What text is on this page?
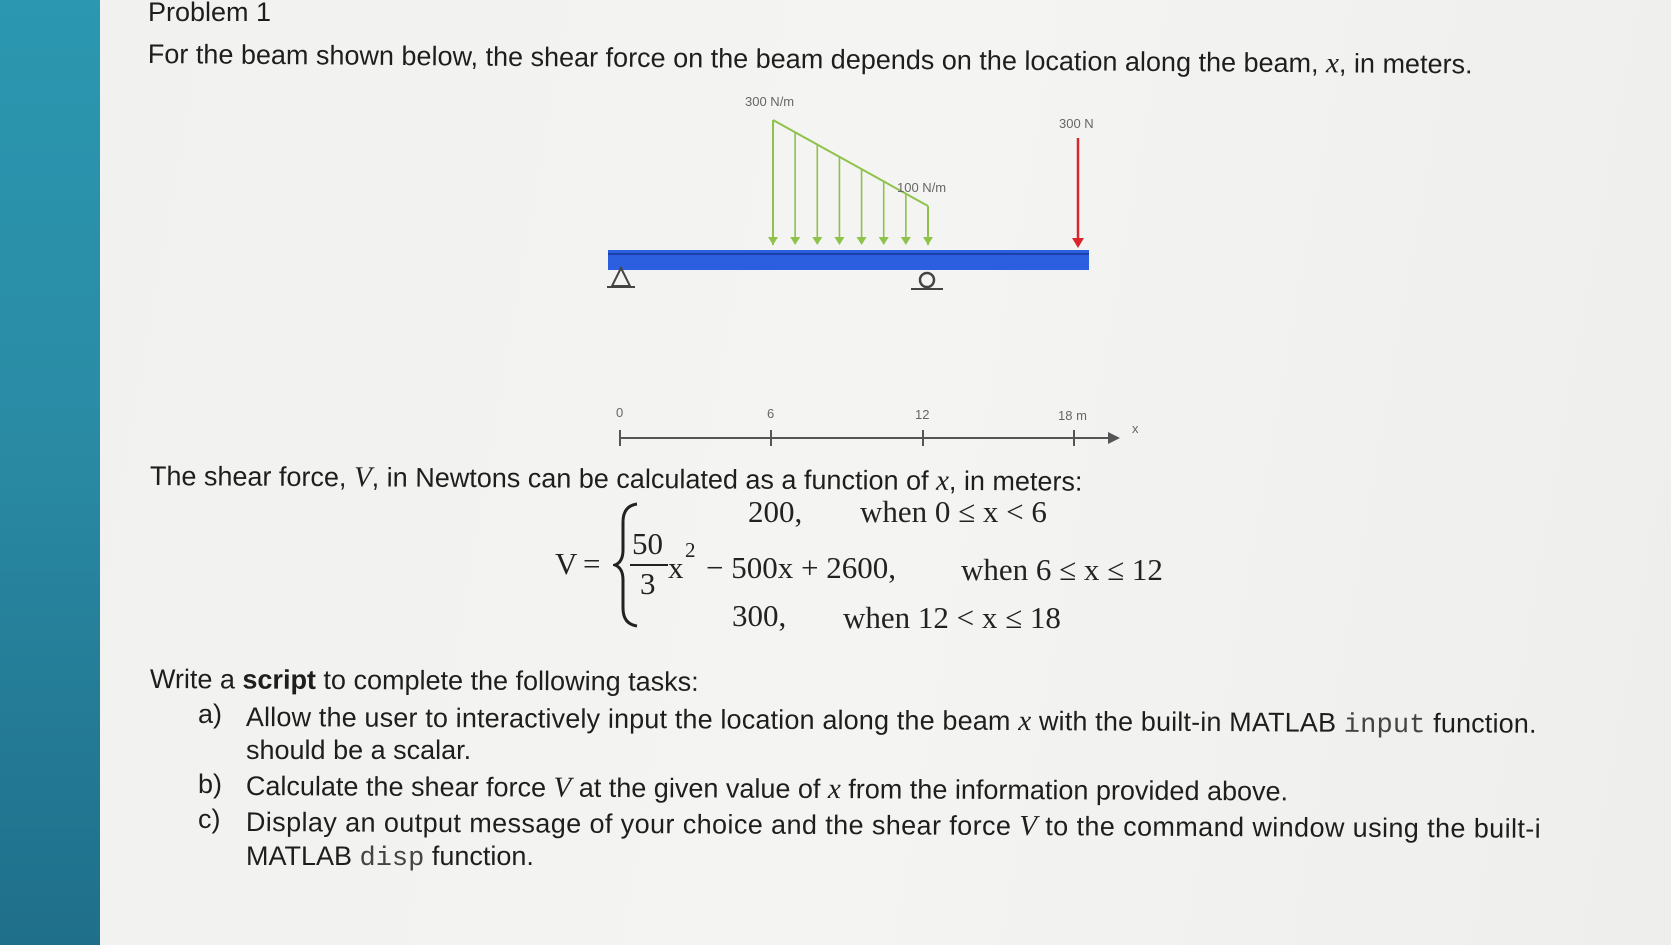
Problem 1
For the beam shown below, the shear force on the beam depends on the location along the beam, x, in meters.
300 N/m
100 N/m
300 N
0	6	12	18 m
x
The shear force, V, in Newtons can be calculated as a function of x, in meters:
V =
200, when 0 ≤ x < 6
50
3 x 2 − 500x + 2600, when 6 ≤ x ≤ 12
300, when 12 < x ≤ 18
Write a script to complete the following tasks:
a) Allow the user to interactively input the location along the beam x with the built-in MATLAB input function.
should be a scalar.
b) Calculate the shear force V at the given value of x from the information provided above.
c) Display an output message of your choice and the shear force V to the command window using the built-i
MATLAB disp function.
